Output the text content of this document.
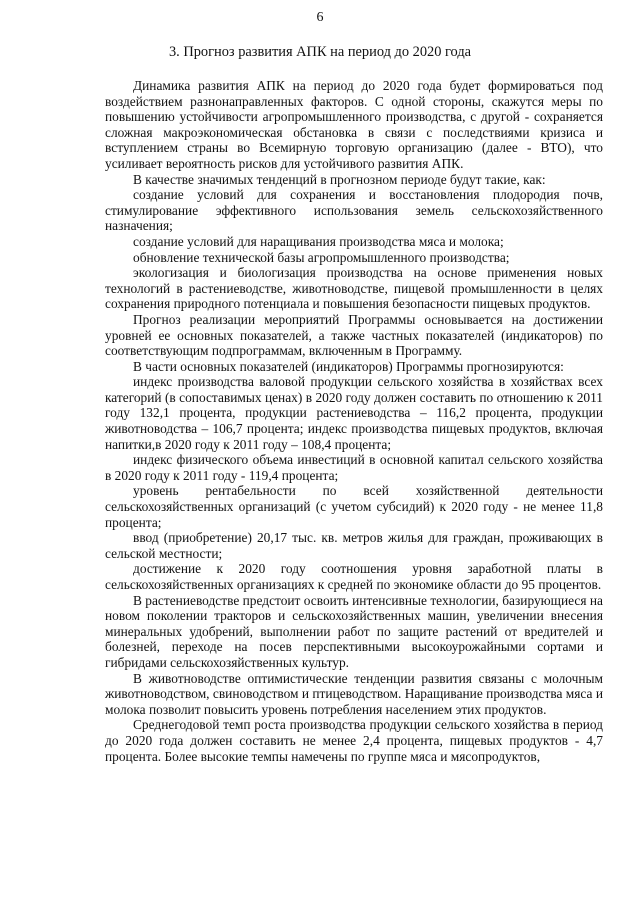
6
3. Прогноз развития АПК на период до 2020 года

Динамика развития АПК на период до 2020 года будет формироваться под воздействием разнонаправленных факторов. С одной стороны, скажутся меры по повышению устойчивости агропромышленного производства, с другой - сохраняется сложная макроэкономическая обстановка в связи с последствиями кризиса и вступлением страны во Всемирную торговую организацию (далее - ВТО), что усиливает вероятность рисков для устойчивого развития АПК.

В качестве значимых тенденций в прогнозном периоде будут такие, как:

создание условий для сохранения и восстановления плодородия почв, стимулирование эффективного использования земель сельскохозяйственного назначения;

создание условий для наращивания производства мяса и молока;

обновление технической базы агропромышленного производства;

экологизация и биологизация производства на основе применения новых технологий в растениеводстве, животноводстве, пищевой промышленности в целях сохранения природного потенциала и повышения безопасности пищевых продуктов.

Прогноз реализации мероприятий Программы основывается на достижении уровней ее основных показателей, а также частных показателей (индикаторов) по соответствующим подпрограммам, включенным в Программу.

В части основных показателей (индикаторов) Программы прогнозируются:

индекс производства валовой продукции сельского хозяйства в хозяйствах всех категорий (в сопоставимых ценах) в 2020 году должен составить по отношению к 2011 году 132,1 процента, продукции растениеводства – 116,2 процента, продукции животноводства – 106,7 процента; индекс производства пищевых продуктов, включая напитки,в 2020 году к 2011 году – 108,4 процента;

индекс физического объема инвестиций в основной капитал сельского хозяйства в 2020 году к 2011 году - 119,4 процента;

уровень рентабельности по всей хозяйственной деятельности сельскохозяйственных организаций (с учетом субсидий) к 2020 году - не менее 11,8 процента;

ввод (приобретение) 20,17 тыс. кв. метров жилья для граждан, проживающих в сельской местности;

достижение к 2020 году соотношения уровня заработной платы в сельскохозяйственных организациях к средней по экономике области до 95 процентов.

В растениеводстве предстоит освоить интенсивные технологии, базирующиеся на новом поколении тракторов и сельскохозяйственных машин, увеличении внесения минеральных удобрений, выполнении работ по защите растений от вредителей и болезней, переходе на посев перспективными высокоурожайными сортами и гибридами сельскохозяйственных культур.

В животноводстве оптимистические тенденции развития связаны с молочным животноводством, свиноводством и птицеводством. Наращивание производства мяса и молока позволит повысить уровень потребления населением этих продуктов.

Среднегодовой темп роста производства продукции сельского хозяйства в период до 2020 года должен составить не менее 2,4 процента, пищевых продуктов - 4,7 процента. Более высокие темпы намечены по группе мяса и мясопродуктов,
